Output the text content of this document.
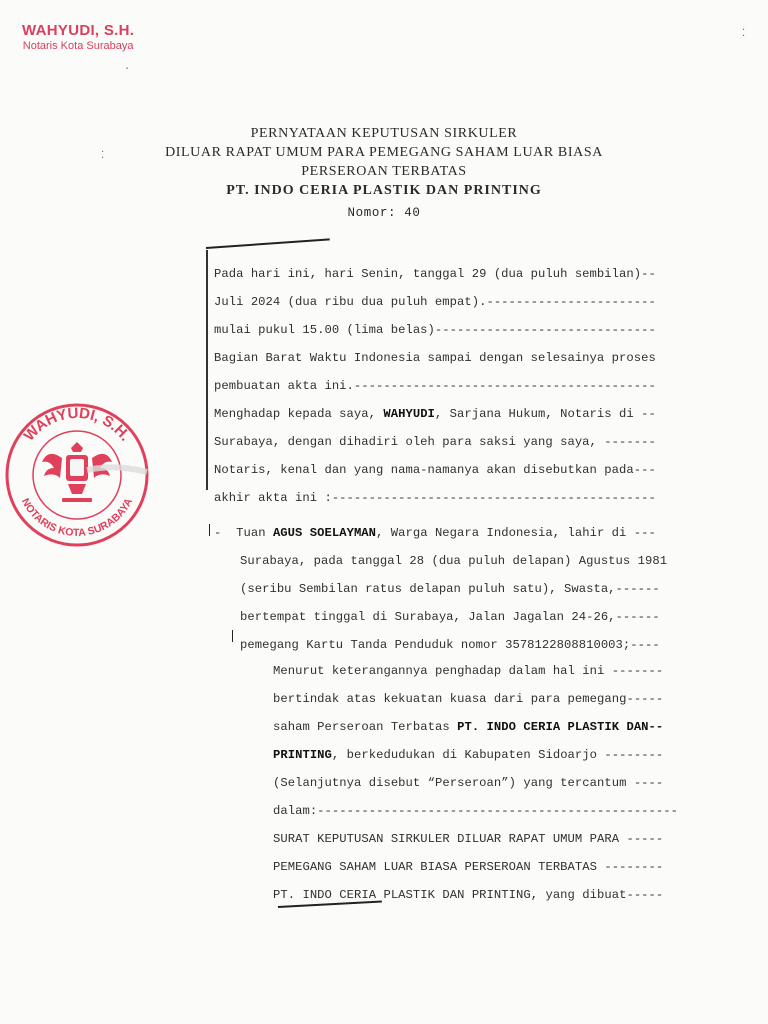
WAHYUDI, S.H.
Notaris Kota Surabaya
·
⁚
⁚
PERNYATAAN KEPUTUSAN SIRKULER
DILUAR RAPAT UMUM PARA PEMEGANG SAHAM LUAR BIASA
PERSEROAN TERBATAS
PT. INDO CERIA PLASTIK DAN PRINTING
Nomor: 40
Pada hari ini, hari Senin, tanggal 29 (dua puluh sembilan)--
Juli 2024 (dua ribu dua puluh empat).-----------------------
mulai pukul 15.00 (lima belas)------------------------------
Bagian Barat Waktu Indonesia sampai dengan selesainya proses
pembuatan akta ini.-----------------------------------------
Menghadap kepada saya, WAHYUDI, Sarjana Hukum, Notaris di --
Surabaya, dengan dihadiri oleh para saksi yang saya, -------
Notaris, kenal dan yang nama-namanya akan disebutkan pada---
akhir akta ini :--------------------------------------------
- Tuan AGUS SOELAYMAN, Warga Negara Indonesia, lahir di ---
Surabaya, pada tanggal 28 (dua puluh delapan) Agustus 1981
(seribu Sembilan ratus delapan puluh satu), Swasta,------
bertempat tinggal di Surabaya, Jalan Jagalan 24-26,------
pemegang Kartu Tanda Penduduk nomor 3578122808810003;----
Menurut keterangannya penghadap dalam hal ini -------
bertindak atas kekuatan kuasa dari para pemegang-----
saham Perseroan Terbatas PT. INDO CERIA PLASTIK DAN--
PRINTING, berkedudukan di Kabupaten Sidoarjo --------
(Selanjutnya disebut “Perseroan”) yang tercantum ----
dalam:-------------------------------------------------
SURAT KEPUTUSAN SIRKULER DILUAR RAPAT UMUM PARA -----
PEMEGANG SAHAM LUAR BIASA PERSEROAN TERBATAS --------
PT. INDO CERIA PLASTIK DAN PRINTING, yang dibuat-----
WAHYUDI, S.H.
NOTARIS KOTA SURABAYA
